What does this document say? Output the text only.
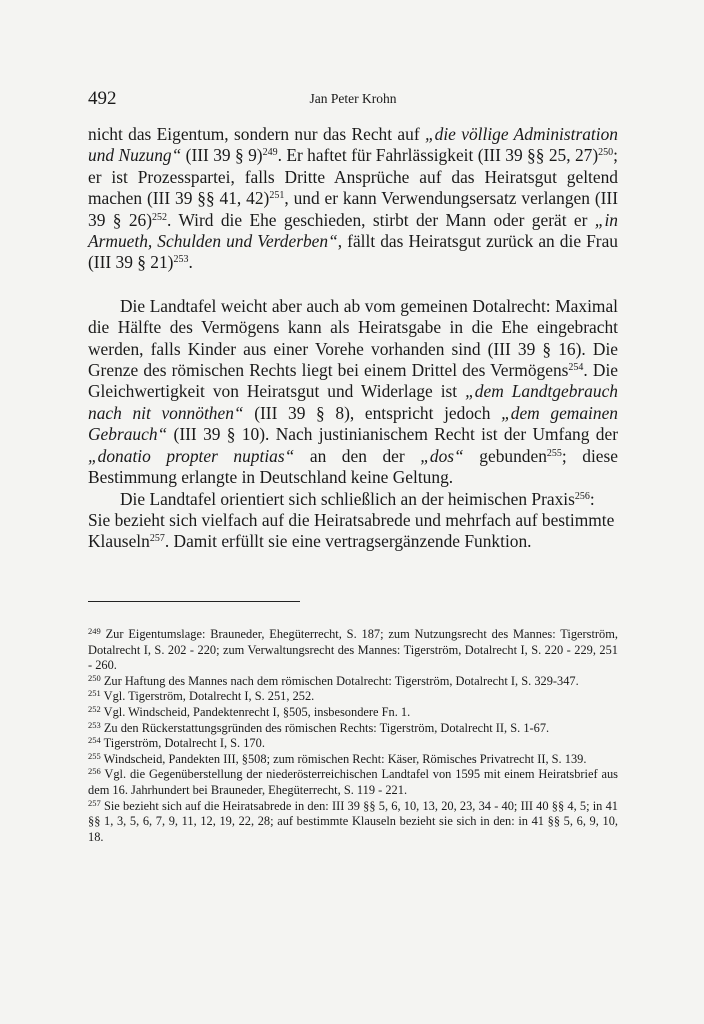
492	Jan Peter Krohn

nicht das Eigentum, sondern nur das Recht auf „die völlige Administration und Nuzung“ (III 39 § 9)$^{249}$. Er haftet für Fahrlässigkeit (III 39 §§ 25, 27)$^{250}$; er ist Prozesspartei, falls Dritte Ansprüche auf das Heiratsgut geltend machen (III 39 §§ 41, 42)$^{251}$, und er kann Verwendungsersatz verlangen (III 39 § 26)$^{252}$. Wird die Ehe geschieden, stirbt der Mann oder gerät er „in Armueth, Schulden und Verderben“, fällt das Heiratsgut zurück an die Frau (III 39 § 21)$^{253}$.

Die Landtafel weicht aber auch ab vom gemeinen Dotalrecht: Maximal die Hälfte des Vermögens kann als Heiratsgabe in die Ehe eingebracht werden, falls Kinder aus einer Vorehe vorhanden sind (III 39 § 16). Die Grenze des römischen Rechts liegt bei einem Drittel des Vermögens$^{254}$. Die Gleichwertigkeit von Heiratsgut und Widerlage ist „dem Landtgebrauch nach nit vonnöthen“ (III 39 § 8), entspricht jedoch „dem gemainen Gebrauch“ (III 39 § 10). Nach justinianischem Recht ist der Umfang der „donatio propter nuptias“ an den der „dos“ gebunden$^{255}$; diese Bestimmung erlangte in Deutschland keine Geltung.

Die Landtafel orientiert sich schließlich an der heimischen Praxis$^{256}$: Sie bezieht sich vielfach auf die Heiratsabrede und mehrfach auf bestimmte Klauseln$^{257}$. Damit erfüllt sie eine vertragsergänzende Funktion.

$^{249}$ Zur Eigentumslage: Brauneder, Ehegüterrecht, S. 187; zum Nutzungsrecht des Mannes: Tigerström, Dotalrecht I, S. 202 - 220; zum Verwaltungsrecht des Mannes: Tigerström, Dotalrecht I, S. 220 - 229, 251 - 260.

$^{250}$ Zur Haftung des Mannes nach dem römischen Dotalrecht: Tigerström, Dotalrecht I, S. 329-347.

$^{251}$ Vgl. Tigerström, Dotalrecht I, S. 251, 252.

$^{252}$ Vgl. Windscheid, Pandektenrecht I, §505, insbesondere Fn. 1.

$^{253}$ Zu den Rückerstattungsgründen des römischen Rechts: Tigerström, Dotalrecht II, S. 1-67.

$^{254}$ Tigerström, Dotalrecht I, S. 170.

$^{255}$ Windscheid, Pandekten III, §508; zum römischen Recht: Käser, Römisches Privatrecht II, S. 139.

$^{256}$ Vgl. die Gegenüberstellung der niederösterreichischen Landtafel von 1595 mit einem Heiratsbrief aus dem 16. Jahrhundert bei Brauneder, Ehegüterrecht, S. 119 - 221.

$^{257}$ Sie bezieht sich auf die Heiratsabrede in den: III 39 §§ 5, 6, 10, 13, 20, 23, 34 - 40; III 40 §§ 4, 5; in 41 §§ 1, 3, 5, 6, 7, 9, 11, 12, 19, 22, 28; auf bestimmte Klauseln bezieht sie sich in den: in 41 §§ 5, 6, 9, 10, 18.
